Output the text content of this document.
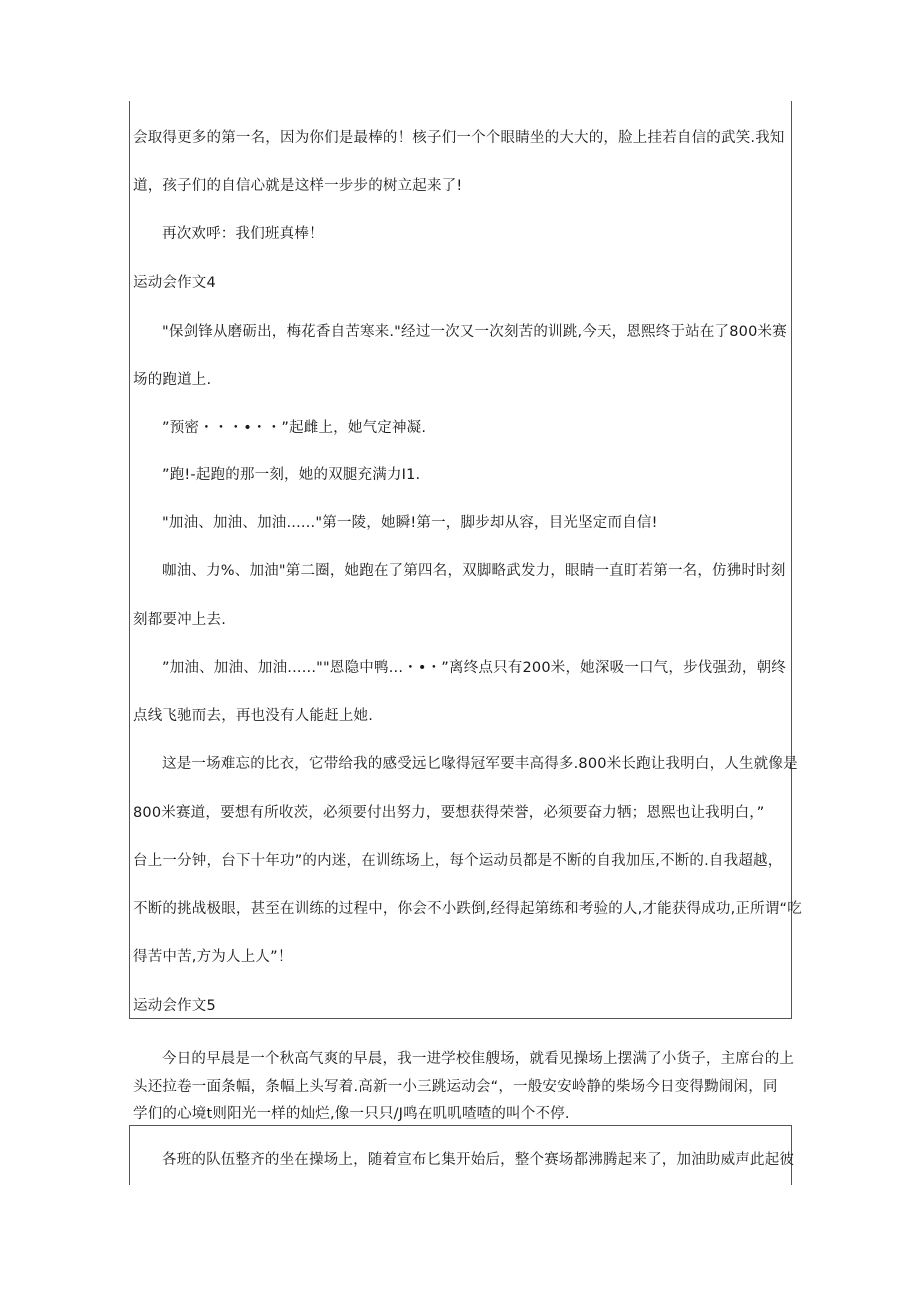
会取得更多的第一名，因为你们是最棒的！核子们一个个眼睛坐的大大的，脸上挂若自信的武笑.我知
道，孩子们的自信心就是这样一步步的树立起来了!
再次欢呼：我们班真棒！
运动会作文4
"保剑锋从磨砺出，梅花香自苦寒来."经过一次又一次刻苦的训跳,今天，恩熙终于站在了800米赛
场的跑道上.
”预密・・・•・・”起雌上，她气定神凝.
”跑!-起跑的那一刻，她的双腿充满力I1.
"加油、加油、加油......"第一陵，她瞬!第一，脚步却从容，目光坚定而自信!
咖油、力%、加油"第二圈，她跑在了第四名，双脚略武发力，眼睛一直盯若第一名，仿狒时时刻
刻都要冲上去.
”加油、加油、加油......""恩隐中鸭...・•・”离终点只有200米，她深吸一口气，步伐强劲，朝终
点线飞驰而去，再也没有人能赶上她.
这是一场难忘的比衣，它带给我的感受远匕喙得冠军要丰高得多.800米长跑让我明白，人生就像是
800米赛道，要想有所收茨，必须要付出努力，要想获得荣誉，必须要奋力牺；恩熙也让我明白，”
台上一分钟，台下十年功”的内迷，在训练场上，每个运动员都是不断的自我加压,不断的.自我超越，
不断的挑战极眼，甚至在训练的过程中，你会不小跌倒,经得起第练和考验的人,才能获得成功,正所谓“吃
得苦中苦,方为人上人”！
运动会作文5
今日的早晨是一个秋高气爽的早晨，我一进学校隹艘场，就看见操场上摆满了小货子，主席台的上
头还拉卷一面条幅，条幅上头写着.高新一小三跳运动会“，一般安安岭静的柴场今日变得黝闹闲，同
学们的心境t则阳光一样的灿烂,像一只只/J鸣在叽叽喳喳的叫个不停.
各班的队伍整齐的坐在操场上，随着宣布匕集开始后，整个赛场都沸腾起来了，加油助威声此起彼
